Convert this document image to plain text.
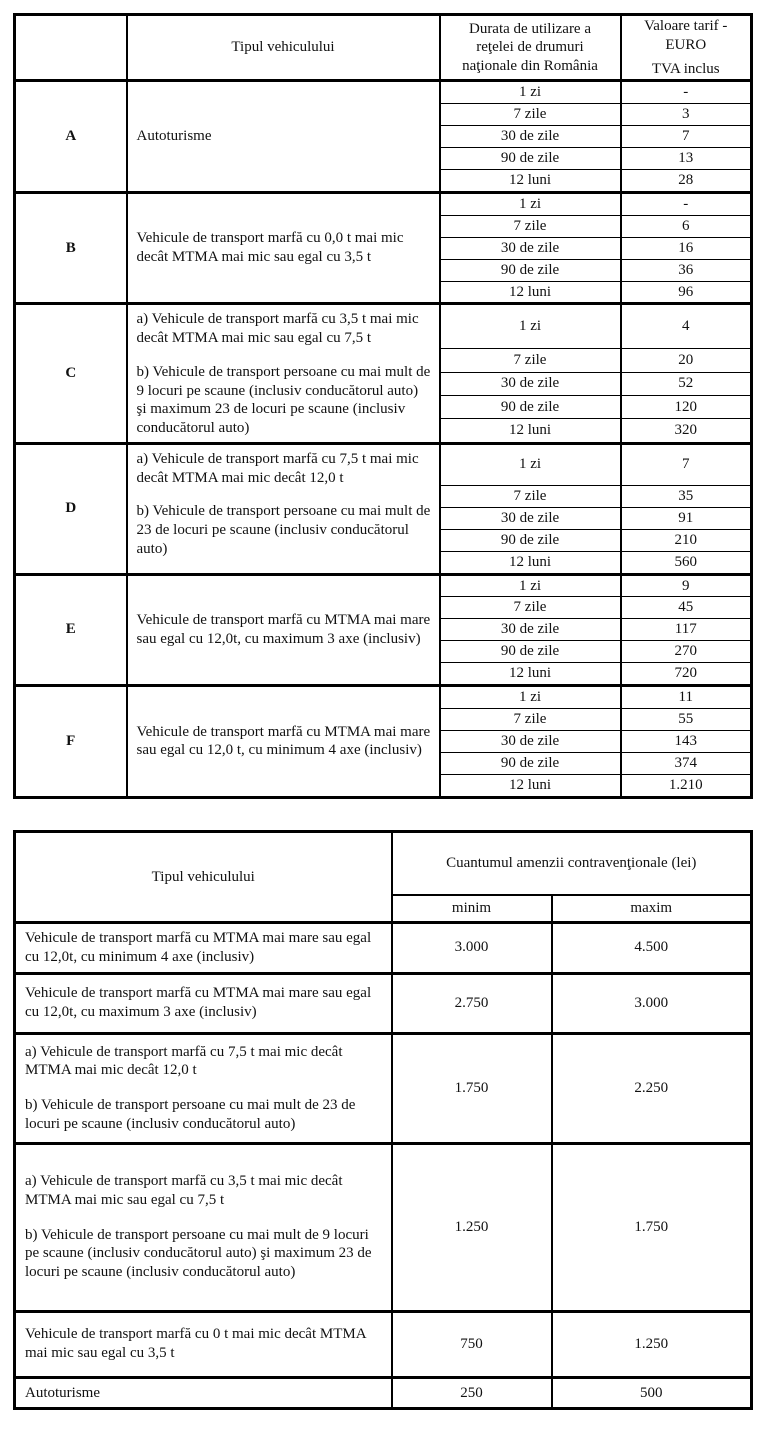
	Tipul vehiculului	Durata de utilizare a reţelei de drumuri naţionale din România	Valoare tarif -
EURO
TVA inclus

A	Autoturisme	1 zi	-
		7 zile	3
		30 de zile	7
		90 de zile	13
		12 luni	28
B	Vehicule de transport marfă cu 0,0 t mai mic decât MTMA mai mic sau egal cu 3,5 t	1 zi	-
		7 zile	6
		30 de zile	16
		90 de zile	36
		12 luni	96
C	a) Vehicule de transport marfă cu 3,5 t mai mic decât MTMA mai mic sau egal cu 7,5 t

b) Vehicule de transport persoane cu mai mult de 9 locuri pe scaune (inclusiv conducătorul auto) şi maximum 23 de locuri pe scaune (inclusiv conducătorul auto)	1 zi	4
		7 zile	20
		30 de zile	52
		90 de zile	120
		12 luni	320
D	a) Vehicule de transport marfă cu 7,5 t mai mic decât MTMA mai mic decât 12,0 t

b) Vehicule de transport persoane cu mai mult de 23 de locuri pe scaune (inclusiv conducătorul auto)	1 zi	7
		7 zile	35
		30 de zile	91
		90 de zile	210
		12 luni	560
E	Vehicule de transport marfă cu MTMA mai mare sau egal cu 12,0t, cu maximum 3 axe (inclusiv)	1 zi	9
		7 zile	45
		30 de zile	117
		90 de zile	270
		12 luni	720
F	Vehicule de transport marfă cu MTMA mai mare sau egal cu 12,0 t, cu minimum 4 axe (inclusiv)	1 zi	11
		7 zile	55
		30 de zile	143
		90 de zile	374
		12 luni	1.210
Tipul vehiculului	Cuantumul amenzii contravenţionale (lei)	
	minim	maxim

Vehicule de transport marfă cu MTMA mai mare sau egal cu 12,0t, cu minimum 4 axe (inclusiv)	3.000	4.500

Vehicule de transport marfă cu MTMA mai mare sau egal cu 12,0t, cu maximum 3 axe (inclusiv)	2.750	3.000

a) Vehicule de transport marfă cu 7,5 t mai mic decât MTMA mai mic decât 12,0 t

b) Vehicule de transport persoane cu mai mult de 23 de locuri pe scaune (inclusiv conducătorul auto)	1.750	2.250

a) Vehicule de transport marfă cu 3,5 t mai mic decât MTMA mai mic sau egal cu 7,5 t

b) Vehicule de transport persoane cu mai mult de 9 locuri pe scaune (inclusiv conducătorul auto) şi maximum 23 de locuri pe scaune (inclusiv conducătorul auto)	1.250	1.750

Vehicule de transport marfă cu 0 t mai mic decât MTMA mai mic sau egal cu 3,5 t	750	1.250

Autoturisme	250	500
